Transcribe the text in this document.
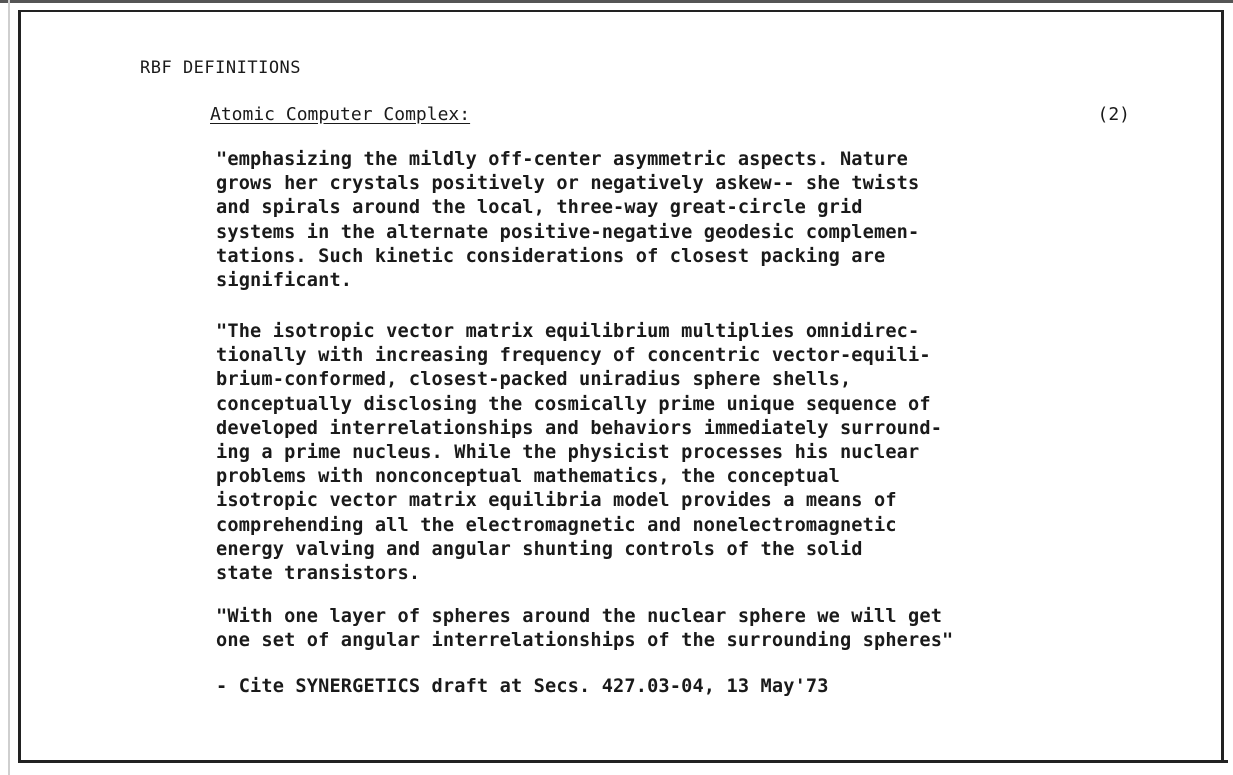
RBF DEFINITIONS
Atomic Computer Complex:	(2)

"emphasizing the mildly off-center asymmetric aspects. Nature
grows her crystals positively or negatively askew-- she twists
and spirals around the local, three-way great-circle grid
systems in the alternate positive-negative geodesic complemen-
tations. Such kinetic considerations of closest packing are
significant.

"The isotropic vector matrix equilibrium multiplies omnidirec-
tionally with increasing frequency of concentric vector-equili-
brium-conformed, closest-packed uniradius sphere shells,
conceptually disclosing the cosmically prime unique sequence of
developed interrelationships and behaviors immediately surround-
ing a prime nucleus. While the physicist processes his nuclear
problems with nonconceptual mathematics, the conceptual
isotropic vector matrix equilibria model provides a means of
comprehending all the electromagnetic and nonelectromagnetic
energy valving and angular shunting controls of the solid
state transistors.

"With one layer of spheres around the nuclear sphere we will get
one set of angular interrelationships of the surrounding spheres"

- Cite SYNERGETICS draft at Secs. 427.03-04, 13 May'73
